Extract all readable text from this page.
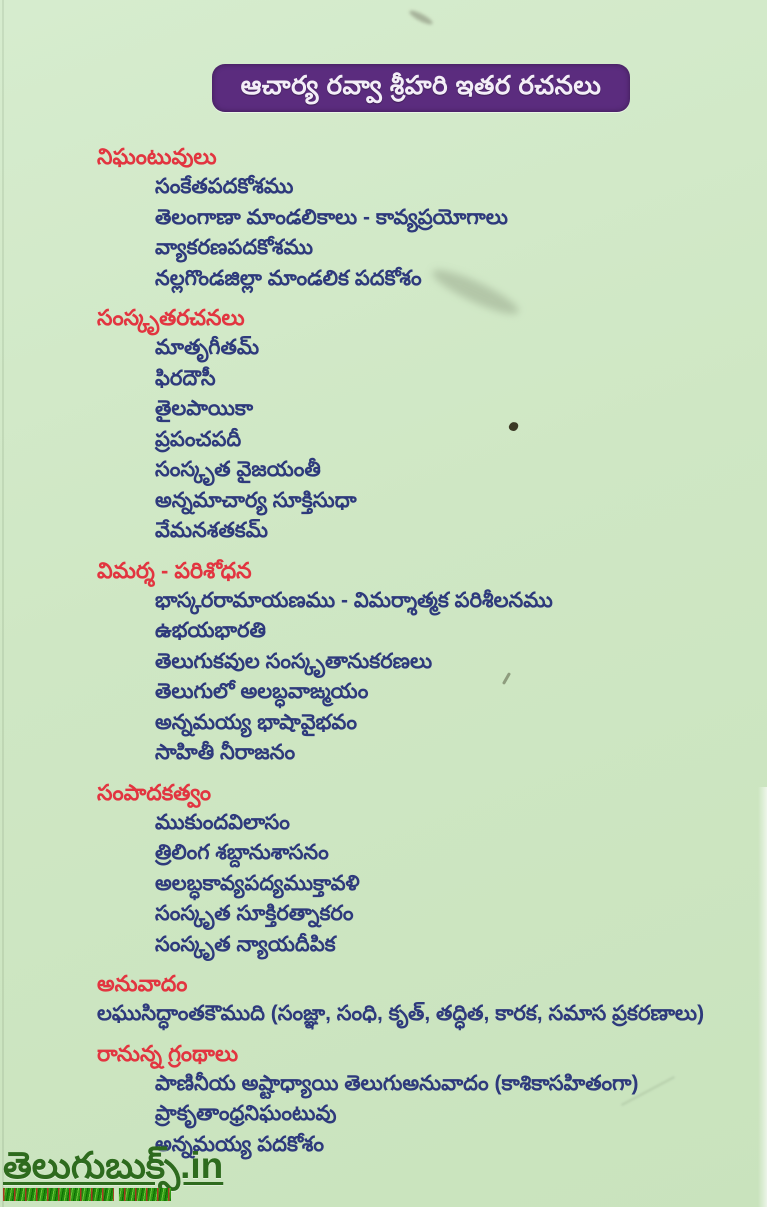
ఆచార్య రవ్వా శ్రీహరి ఇతర రచనలు
నిఘంటువులు
సంకేతపదకోశము
తెలంగాణా మాండలికాలు - కావ్యప్రయోగాలు
వ్యాకరణపదకోశము
నల్లగొండజిల్లా మాండలిక పదకోశం
సంస్కృతరచనలు
మాతృగీతమ్
ఫిరదౌసీ
తైలపాయికా
ప్రపంచపదీ
సంస్కృత వైజయంతీ
అన్నమాచార్య సూక్తిసుధా
వేమనశతకమ్
విమర్శ - పరిశోధన
భాస్కరరామాయణము - విమర్శాత్మక పరిశీలనము
ఉభయభారతి
తెలుగుకవుల సంస్కృతానుకరణలు
తెలుగులో అలబ్ధవాఙ్మయం
అన్నమయ్య భాషావైభవం
సాహితీ నీరాజనం
సంపాదకత్వం
ముకుందవిలాసం
త్రిలింగ శబ్దానుశాసనం
అలబ్ధకావ్యపద్యముక్తావళి
సంస్కృత సూక్తిరత్నాకరం
సంస్కృత న్యాయదీపిక
అనువాదం
లఘుసిద్ధాంతకౌముది (సంజ్ఞా, సంధి, కృత్, తద్ధిత, కారక, సమాస ప్రకరణాలు)
రానున్న గ్రంథాలు
పాణినీయ అష్టాధ్యాయి తెలుగుఅనువాదం (కాశికాసహితంగా)
ప్రాకృతాంధ్రనిఘంటువు
అన్నమయ్య పదకోశం
తెలుగుబుక్స్.in
